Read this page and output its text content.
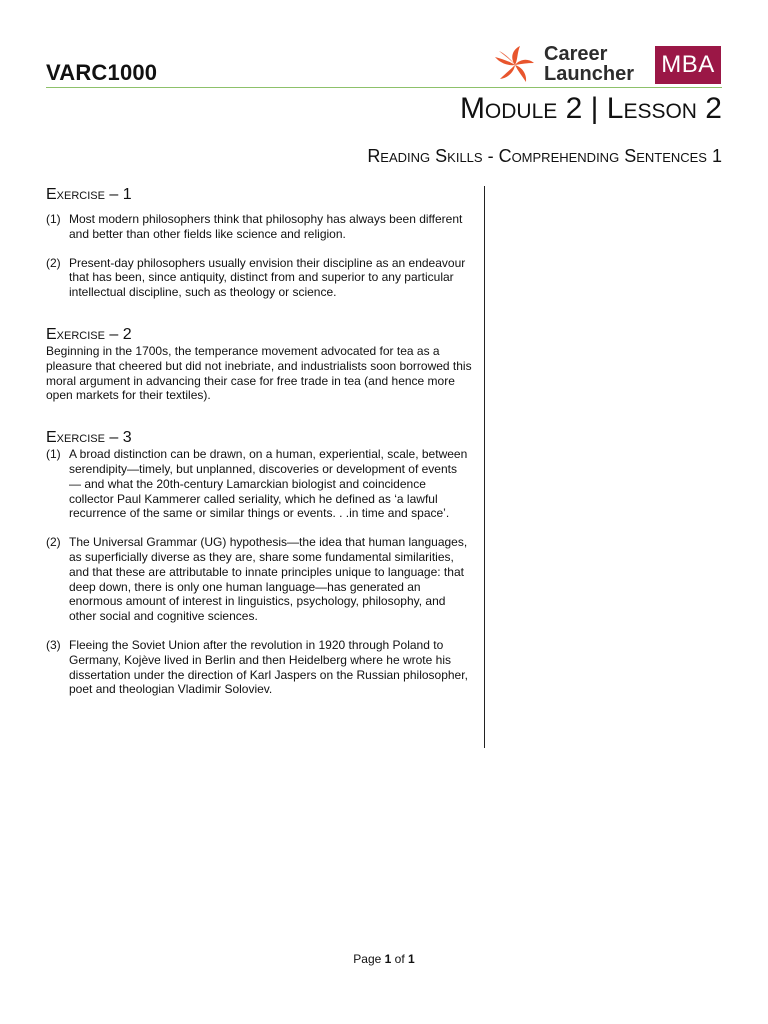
VARC1000
Career
Launcher MBA
Module 2 | Lesson 2
Reading Skills - Comprehending Sentences 1
Exercise – 1
(1) Most modern philosophers think that philosophy has always been different and better than other fields like science and religion.
(2) Present-day philosophers usually envision their discipline as an endeavour that has been, since antiquity, distinct from and superior to any particular intellectual discipline, such as theology or science.
Exercise – 2

Beginning in the 1700s, the temperance movement advocated for tea as a pleasure that cheered but did not inebriate, and industrialists soon borrowed this moral argument in advancing their case for free trade in tea (and hence more open markets for their textiles).

Exercise – 3
(1) A broad distinction can be drawn, on a human, experiential, scale, between serendipity—timely, but unplanned, discoveries or development of events — and what the 20th-century Lamarckian biologist and coincidence collector Paul Kammerer called seriality, which he defined as ‘a lawful recurrence of the same or similar things or events. . .in time and space’.
(2) The Universal Grammar (UG) hypothesis—the idea that human languages, as superficially diverse as they are, share some fundamental similarities, and that these are attributable to innate principles unique to language: that deep down, there is only one human language—has generated an enormous amount of interest in linguistics, psychology, philosophy, and other social and cognitive sciences.
(3) Fleeing the Soviet Union after the revolution in 1920 through Poland to Germany, Kojève lived in Berlin and then Heidelberg where he wrote his dissertation under the direction of Karl Jaspers on the Russian philosopher, poet and theologian Vladimir Soloviev.
Page 1 of 1
